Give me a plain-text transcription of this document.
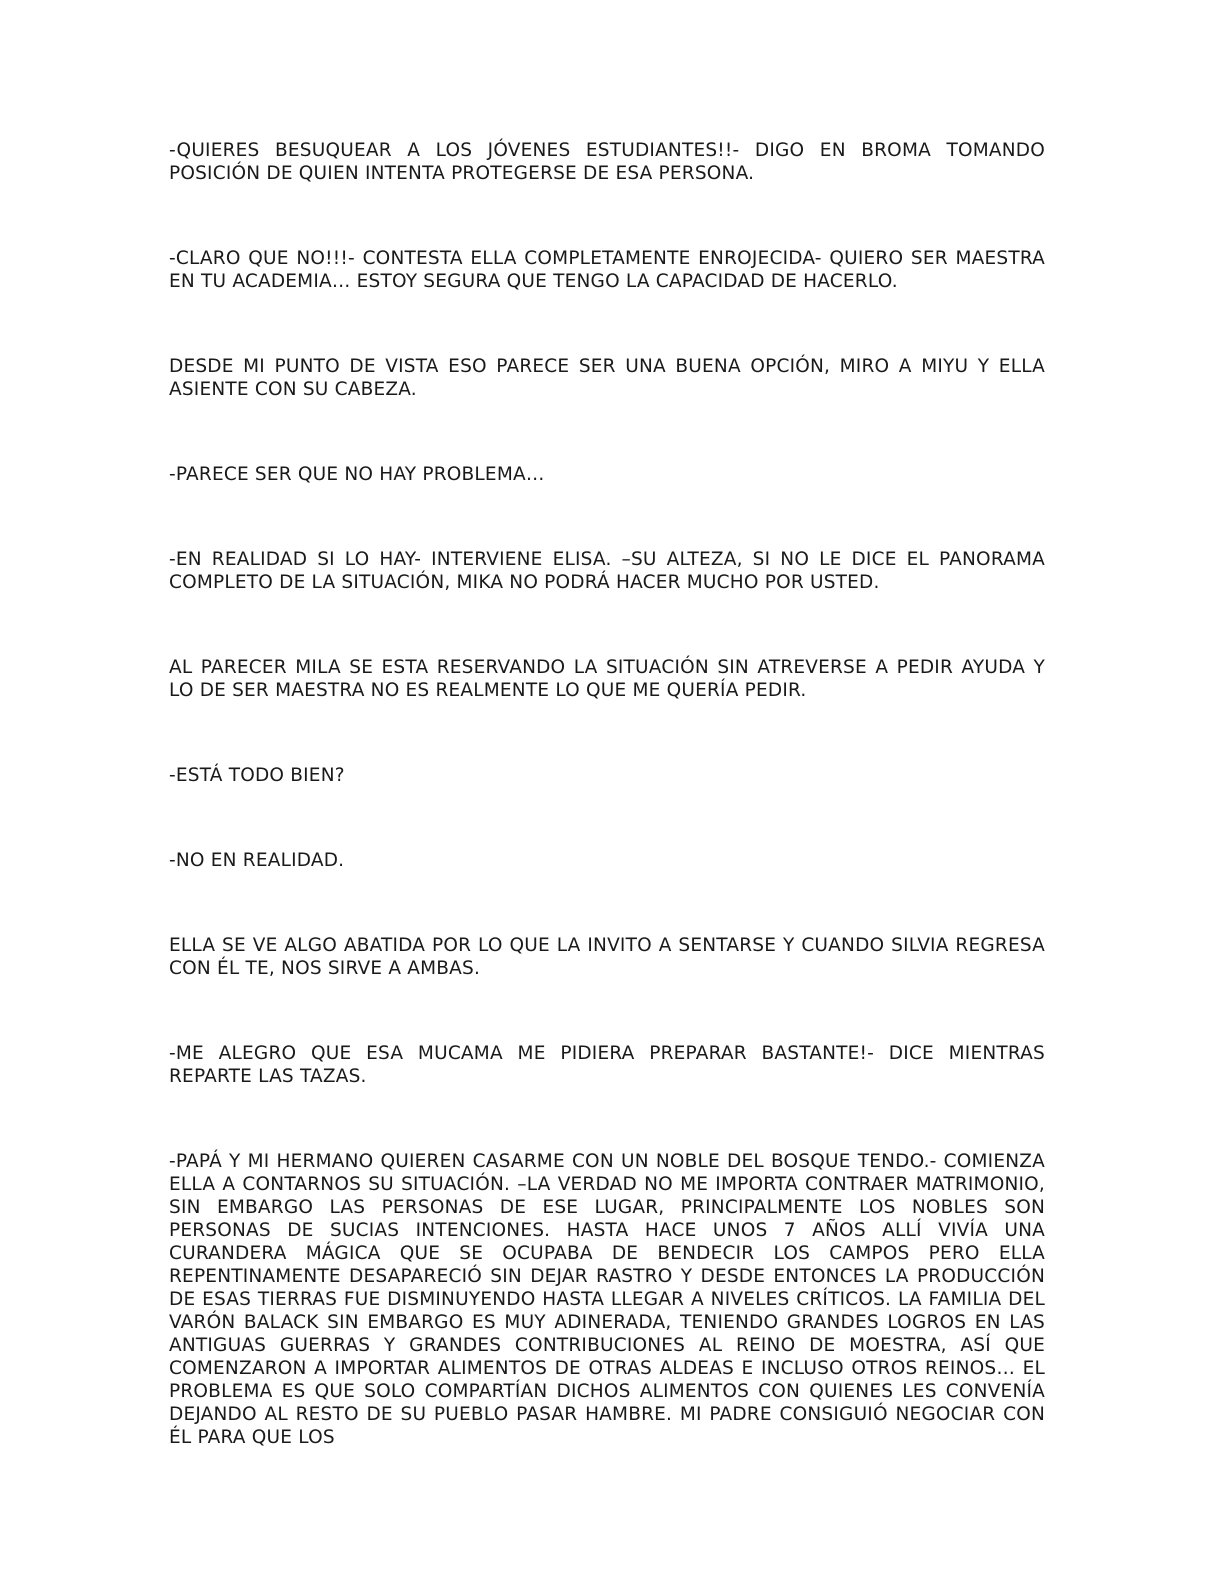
-QUIERES BESUQUEAR A LOS JÓVENES ESTUDIANTES!!- DIGO EN BROMA TOMANDO POSICIÓN DE QUIEN INTENTA PROTEGERSE DE ESA PERSONA.

-CLARO QUE NO!!!- CONTESTA ELLA COMPLETAMENTE ENROJECIDA- QUIERO SER MAESTRA EN TU ACADEMIA… ESTOY SEGURA QUE TENGO LA CAPACIDAD DE HACERLO.

DESDE MI PUNTO DE VISTA ESO PARECE SER UNA BUENA OPCIÓN, MIRO A MIYU Y ELLA ASIENTE CON SU CABEZA.

-PARECE SER QUE NO HAY PROBLEMA…

-EN REALIDAD SI LO HAY- INTERVIENE ELISA. –SU ALTEZA, SI NO LE DICE EL PANORAMA COMPLETO DE LA SITUACIÓN, MIKA NO PODRÁ HACER MUCHO POR USTED.

AL PARECER MILA SE ESTA RESERVANDO LA SITUACIÓN SIN ATREVERSE A PEDIR AYUDA Y LO DE SER MAESTRA NO ES REALMENTE LO QUE ME QUERÍA PEDIR.

-ESTÁ TODO BIEN?

-NO EN REALIDAD.

ELLA SE VE ALGO ABATIDA POR LO QUE LA INVITO A SENTARSE Y CUANDO SILVIA REGRESA CON ÉL TE, NOS SIRVE A AMBAS.

-ME ALEGRO QUE ESA MUCAMA ME PIDIERA PREPARAR BASTANTE!- DICE MIENTRAS REPARTE LAS TAZAS.

-PAPÁ Y MI HERMANO QUIEREN CASARME CON UN NOBLE DEL BOSQUE TENDO.- COMIENZA ELLA A CONTARNOS SU SITUACIÓN. –LA VERDAD NO ME IMPORTA CONTRAER MATRIMONIO, SIN EMBARGO LAS PERSONAS DE ESE LUGAR, PRINCIPALMENTE LOS NOBLES SON PERSONAS DE SUCIAS INTENCIONES. HASTA HACE UNOS 7 AÑOS ALLÍ VIVÍA UNA CURANDERA MÁGICA QUE SE OCUPABA DE BENDECIR LOS CAMPOS PERO ELLA REPENTINAMENTE DESAPARECIÓ SIN DEJAR RASTRO Y DESDE ENTONCES LA PRODUCCIÓN DE ESAS TIERRAS FUE DISMINUYENDO HASTA LLEGAR A NIVELES CRÍTICOS. LA FAMILIA DEL VARÓN BALACK SIN EMBARGO ES MUY ADINERADA, TENIENDO GRANDES LOGROS EN LAS ANTIGUAS GUERRAS Y GRANDES CONTRIBUCIONES AL REINO DE MOESTRA, ASÍ QUE COMENZARON A IMPORTAR ALIMENTOS DE OTRAS ALDEAS E INCLUSO OTROS REINOS… EL PROBLEMA ES QUE SOLO COMPARTÍAN DICHOS ALIMENTOS CON QUIENES LES CONVENÍA DEJANDO AL RESTO DE SU PUEBLO PASAR HAMBRE. MI PADRE CONSIGUIÓ NEGOCIAR CON ÉL PARA QUE LOS
